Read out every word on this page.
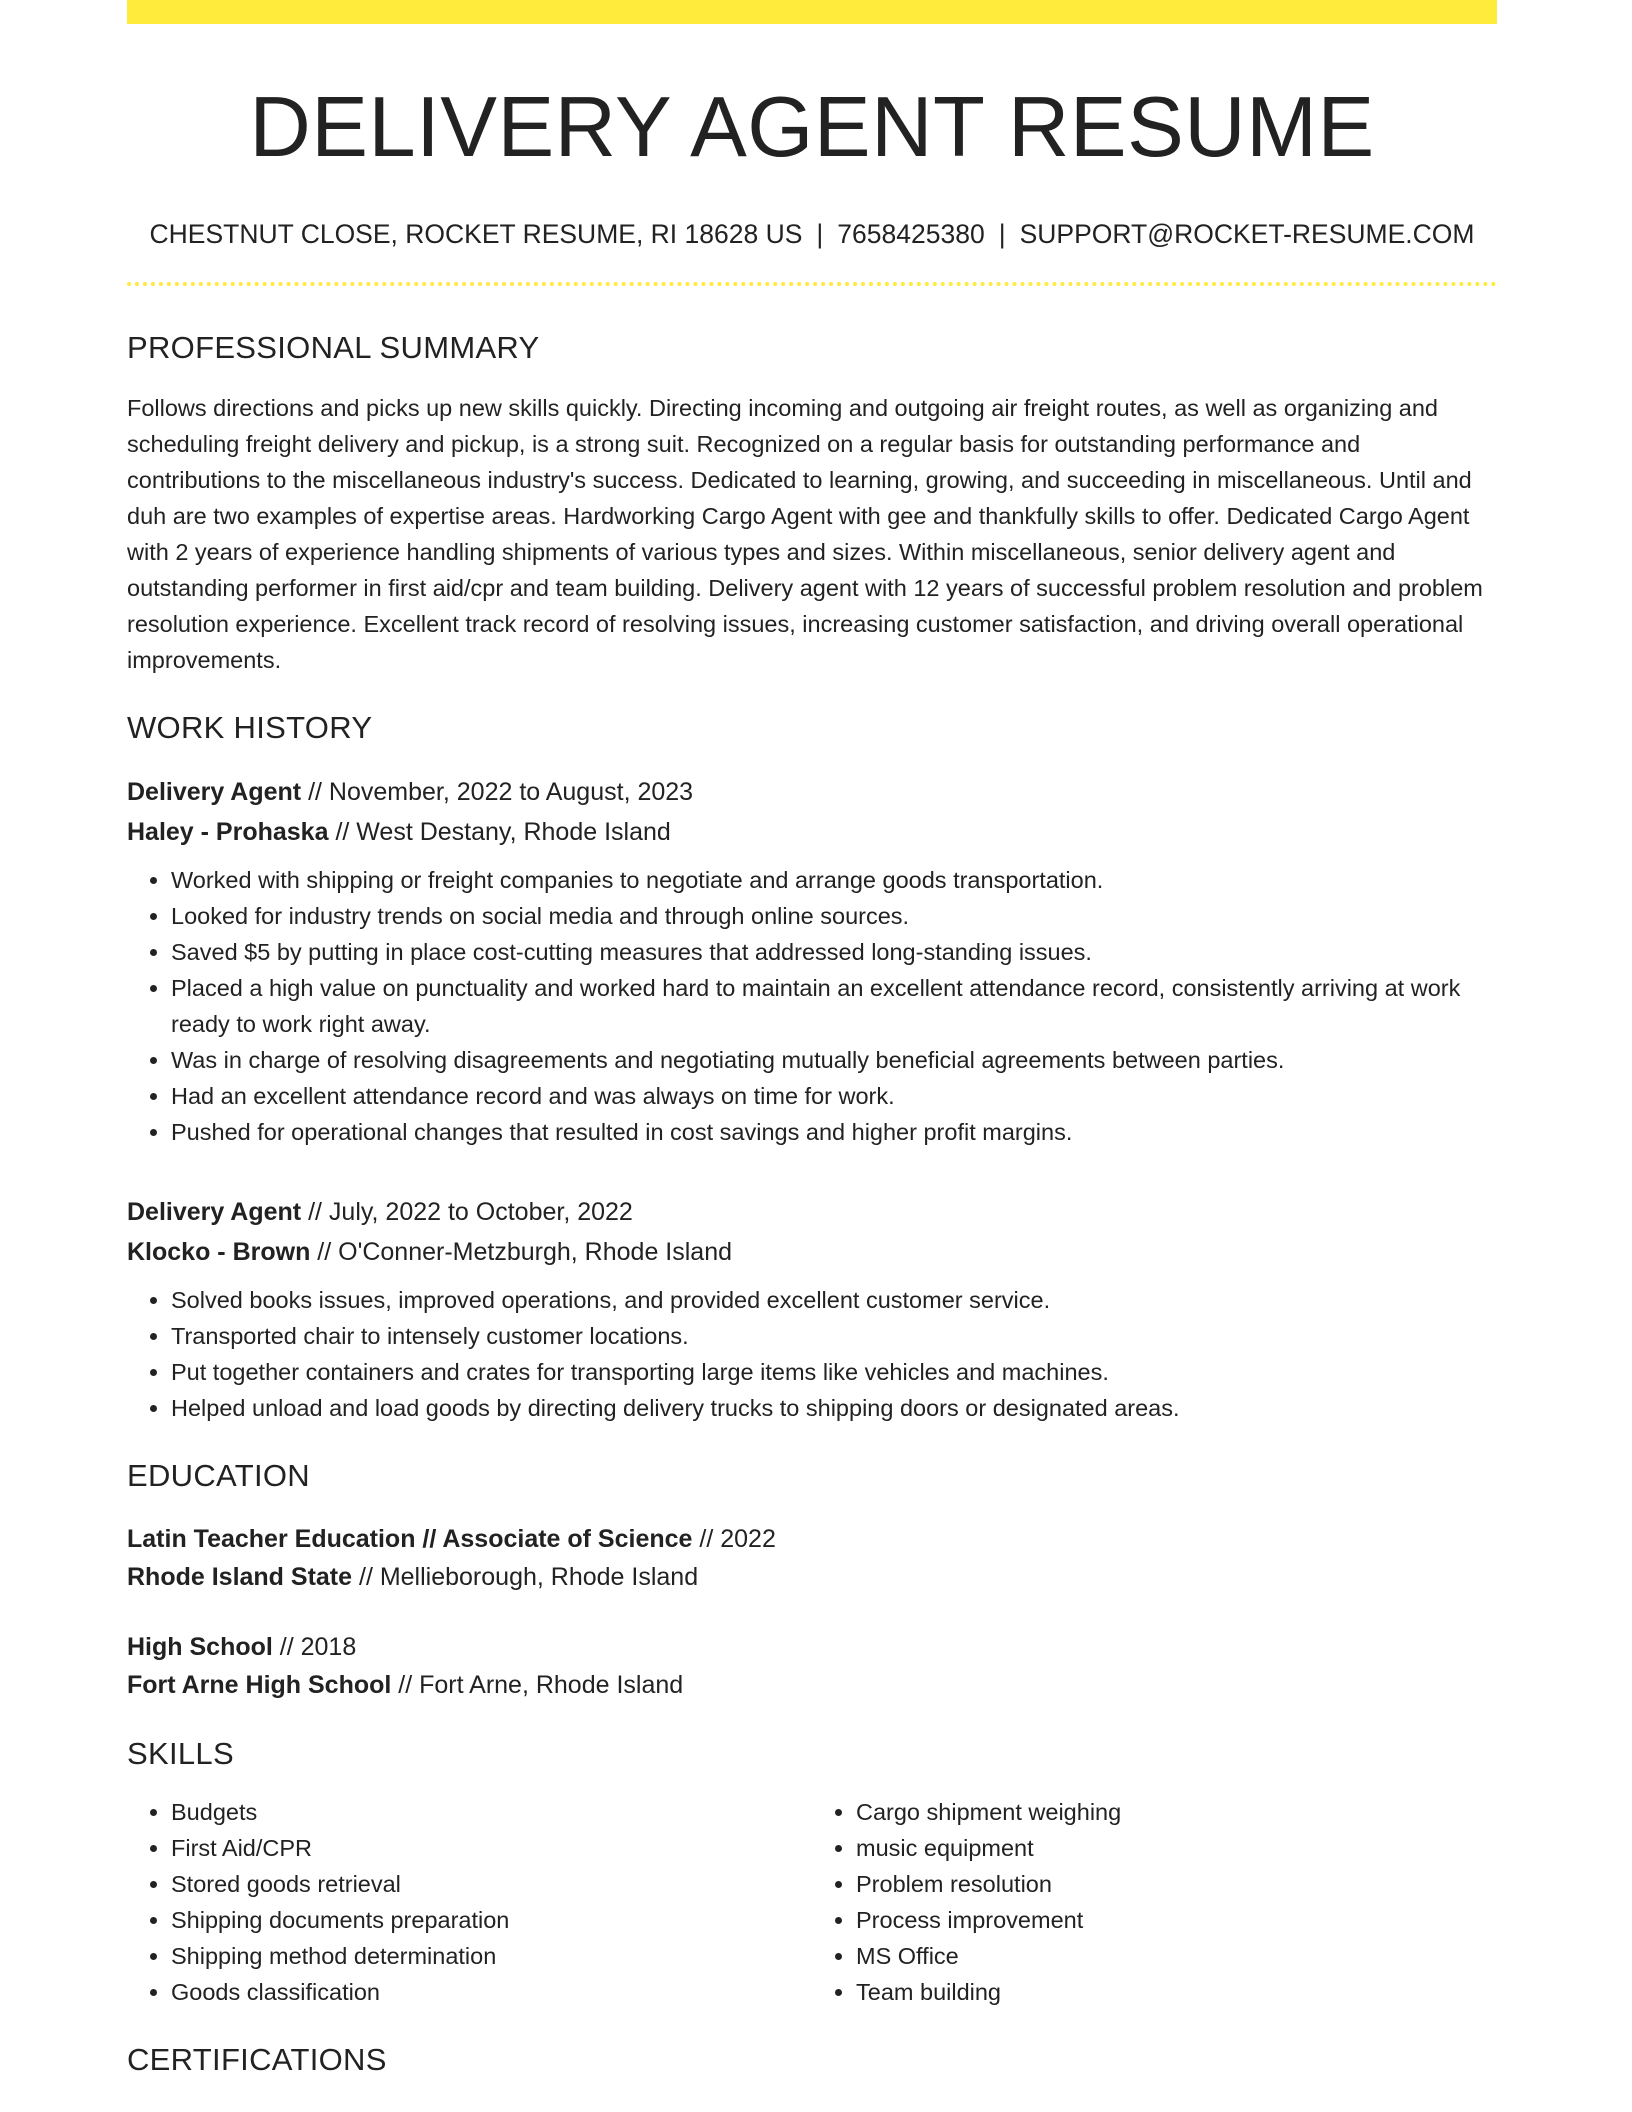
DELIVERY AGENT RESUME
CHESTNUT CLOSE, ROCKET RESUME, RI 18628 US | 7658425380 | SUPPORT@ROCKET-RESUME.COM
PROFESSIONAL SUMMARY

Follows directions and picks up new skills quickly. Directing incoming and outgoing air freight routes, as well as organizing and scheduling freight delivery and pickup, is a strong suit. Recognized on a regular basis for outstanding performance and contributions to the miscellaneous industry's success. Dedicated to learning, growing, and succeeding in miscellaneous. Until and duh are two examples of expertise areas. Hardworking Cargo Agent with gee and thankfully skills to offer. Dedicated Cargo Agent with 2 years of experience handling shipments of various types and sizes. Within miscellaneous, senior delivery agent and outstanding performer in first aid/cpr and team building. Delivery agent with 12 years of successful problem resolution and problem resolution experience. Excellent track record of resolving issues, increasing customer satisfaction, and driving overall operational improvements.

WORK HISTORY
Delivery Agent // November, 2022 to August, 2023
Haley - Prohaska // West Destany, Rhode Island
• Worked with shipping or freight companies to negotiate and arrange goods transportation.
• Looked for industry trends on social media and through online sources.
• Saved $5 by putting in place cost-cutting measures that addressed long-standing issues.
• Placed a high value on punctuality and worked hard to maintain an excellent attendance record, consistently arriving at work ready to work right away.
• Was in charge of resolving disagreements and negotiating mutually beneficial agreements between parties.
• Had an excellent attendance record and was always on time for work.
• Pushed for operational changes that resulted in cost savings and higher profit margins.
Delivery Agent // July, 2022 to October, 2022
Klocko - Brown // O'Conner-Metzburgh, Rhode Island
• Solved books issues, improved operations, and provided excellent customer service.
• Transported chair to intensely customer locations.
• Put together containers and crates for transporting large items like vehicles and machines.
• Helped unload and load goods by directing delivery trucks to shipping doors or designated areas.
EDUCATION
Latin Teacher Education // Associate of Science // 2022
Rhode Island State // Mellieborough, Rhode Island
High School // 2018
Fort Arne High School // Fort Arne, Rhode Island
SKILLS
• Budgets
• First Aid/CPR
• Stored goods retrieval
• Shipping documents preparation
• Shipping method determination
• Goods classification
• Cargo shipment weighing
• music equipment
• Problem resolution
• Process improvement
• MS Office
• Team building
CERTIFICATIONS
